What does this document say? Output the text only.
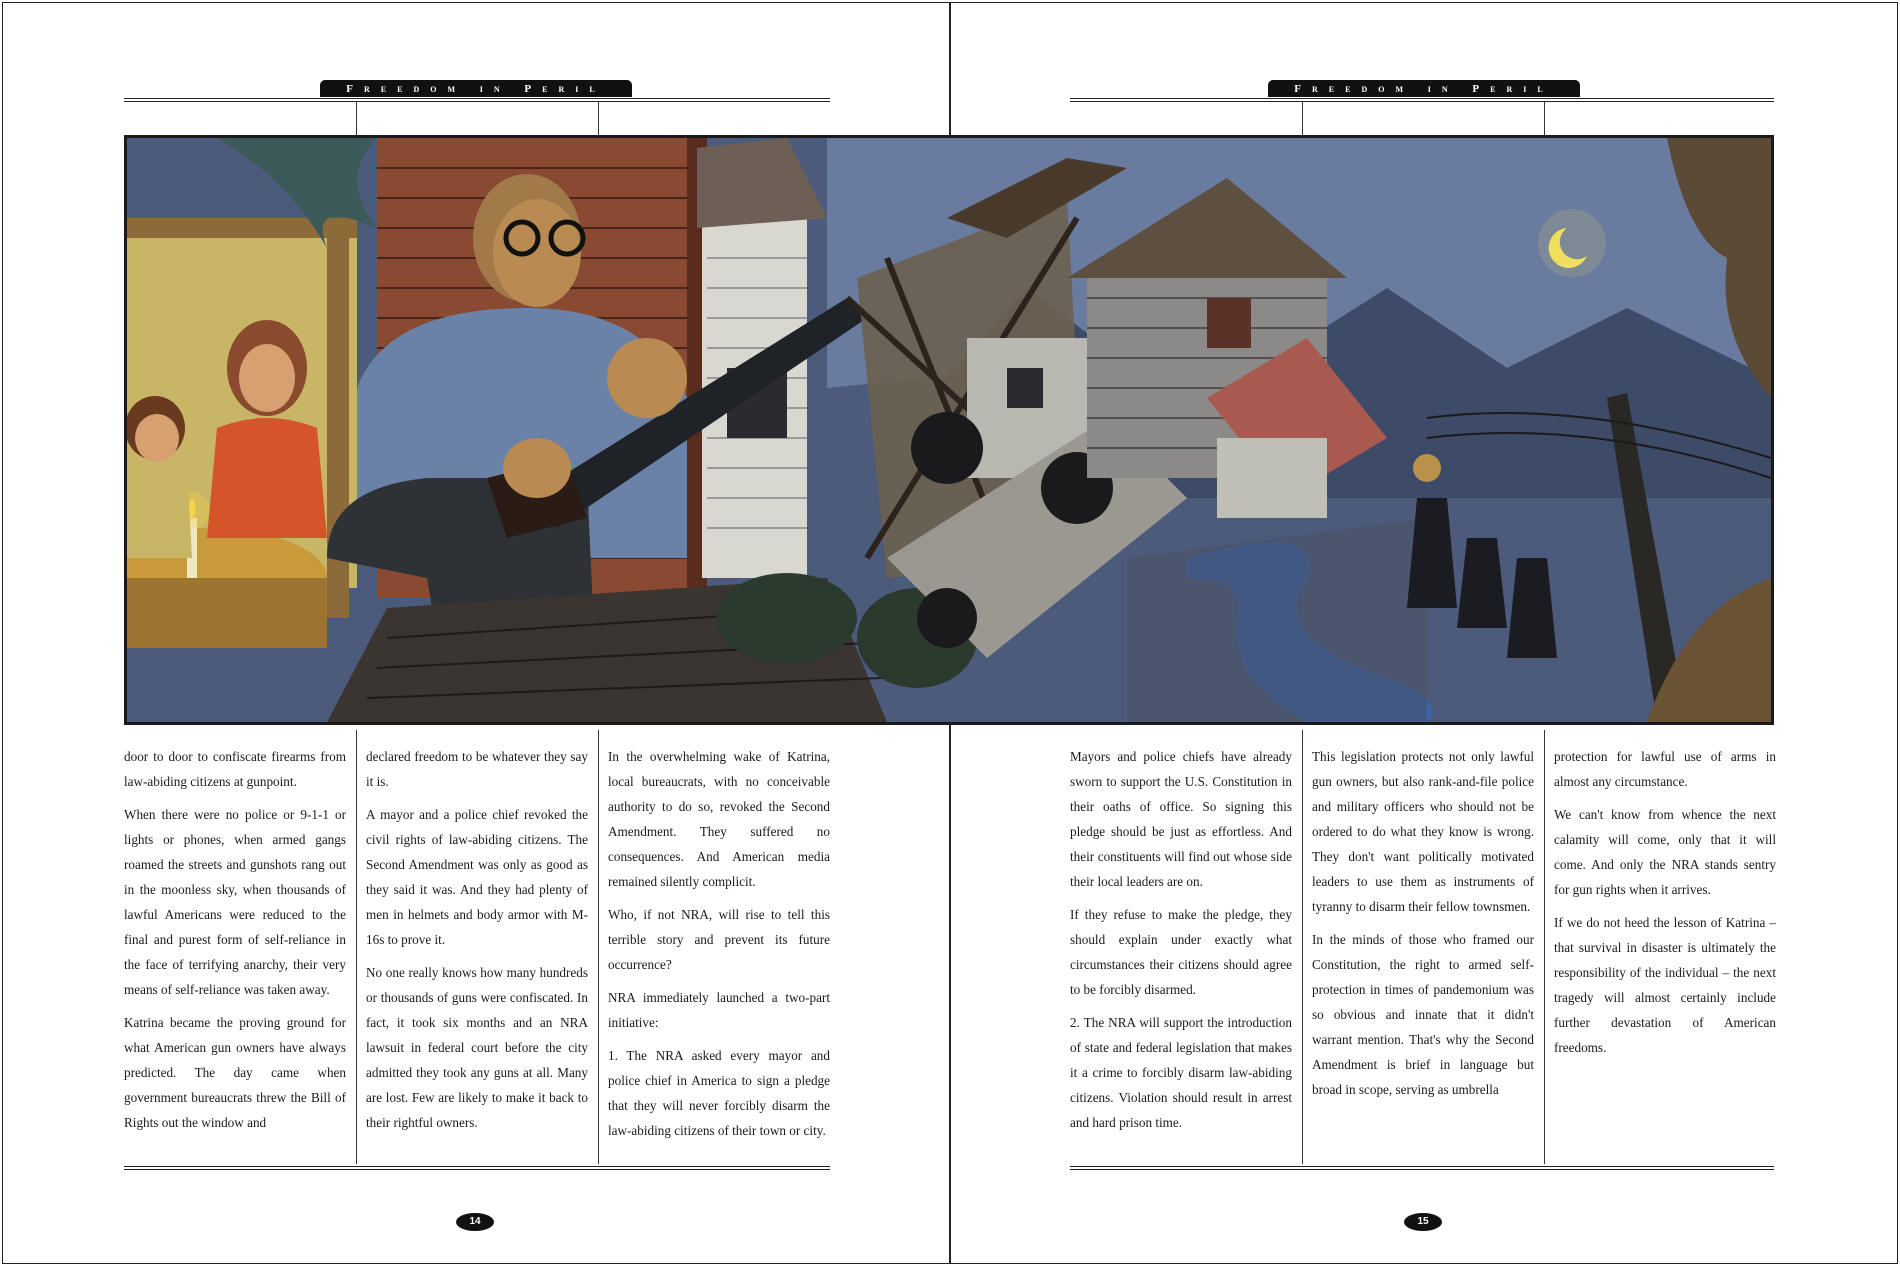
Freedom in Peril	Freedom in Peril

door to door to confiscate firearms from law-abiding citizens at gunpoint.

When there were no police or 9-1-1 or lights or phones, when armed gangs roamed the streets and gunshots rang out in the moonless sky, when thousands of lawful Americans were reduced to the final and purest form of self-reliance in the face of terrifying anarchy, their very means of self-reliance was taken away.

Katrina became the proving ground for what American gun owners have always predicted. The day came when government bureaucrats threw the Bill of Rights out the window and

declared freedom to be whatever they say it is.

A mayor and a police chief revoked the civil rights of law-abiding citizens. The Second Amendment was only as good as they said it was. And they had plenty of men in helmets and body armor with M-16s to prove it.

No one really knows how many hundreds or thousands of guns were confiscated. In fact, it took six months and an NRA lawsuit in federal court before the city admitted they took any guns at all. Many are lost. Few are likely to make it back to their rightful owners.

In the overwhelming wake of Katrina, local bureaucrats, with no conceivable authority to do so, revoked the Second Amendment. They suffered no consequences. And American media remained silently complicit.

Who, if not NRA, will rise to tell this terrible story and prevent its future occurrence?

NRA immediately launched a two-part initiative:

1. The NRA asked every mayor and police chief in America to sign a pledge that they will never forcibly disarm the law-abiding citizens of their town or city.

Mayors and police chiefs have already sworn to support the U.S. Constitution in their oaths of office. So signing this pledge should be just as effortless. And their constituents will find out whose side their local leaders are on.

If they refuse to make the pledge, they should explain under exactly what circumstances their citizens should agree to be forcibly disarmed.

2. The NRA will support the introduction of state and federal legislation that makes it a crime to forcibly disarm law-abiding citizens. Violation should result in arrest and hard prison time.

This legislation protects not only lawful gun owners, but also rank-and-file police and military officers who should not be ordered to do what they know is wrong. They don't want politically motivated leaders to use them as instruments of tyranny to disarm their fellow townsmen.

In the minds of those who framed our Constitution, the right to armed self-protection in times of pandemonium was so obvious and innate that it didn't warrant mention. That's why the Second Amendment is brief in language but broad in scope, serving as umbrella

protection for lawful use of arms in almost any circumstance.

We can't know from whence the next calamity will come, only that it will come. And only the NRA stands sentry for gun rights when it arrives.

If we do not heed the lesson of Katrina – that survival in disaster is ultimately the responsibility of the individual – the next tragedy will almost certainly include further devastation of American freedoms.

14	15
